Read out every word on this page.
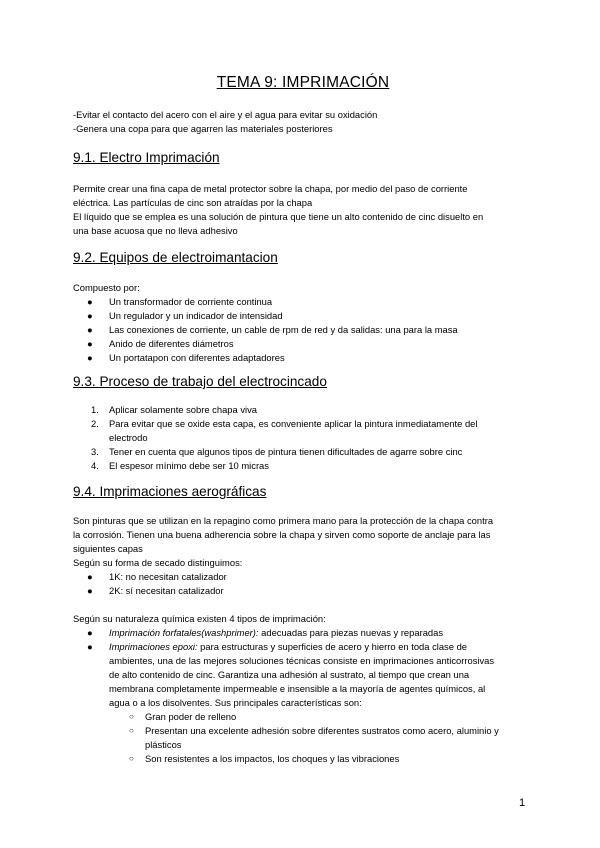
TEMA 9: IMPRIMACIÓN
-Evitar el contacto del acero con el aire y el agua para evitar su oxidación
-Genera una copa para que agarren las materiales posteriores
9.1. Electro Imprimación
Permite crear una fina capa de metal protector sobre la chapa, por medio del paso de corriente
eléctrica. Las partículas de cinc son atraídas por la chapa
El líquido que se emplea es una solución de pintura que tiene un alto contenido de cinc disuelto en
una base acuosa que no lleva adhesivo
9.2. Equipos de electroimantacion
Compuesto por:
●	Un transformador de corriente continua
●	Un regulador y un indicador de intensidad
●	Las conexiones de corriente, un cable de rpm de red y da salidas: una para la masa
●	Anido de diferentes diámetros
●	Un portatapon con diferentes adaptadores
9.3. Proceso de trabajo del electrocincado
1.	Aplicar solamente sobre chapa viva
2.	Para evitar que se oxide esta capa, es conveniente aplicar la pintura inmediatamente del
electrodo
3.	Tener en cuenta que algunos tipos de pintura tienen dificultades de agarre sobre cinc
4.	El espesor mínimo debe ser 10 micras
9.4. Imprimaciones aerográficas
Son pinturas que se utilizan en la repagino como primera mano para la protección de la chapa contra
la corrosión. Tienen una buena adherencia sobre la chapa y sirven como soporte de anclaje para las
siguientes capas
Según su forma de secado distinguimos:
●	1K: no necesitan catalizador
●	2K: sí necesitan catalizador
Según su naturaleza química existen 4 tipos de imprimación:
●	Imprimación forfatales(washprimer): adecuadas para piezas nuevas y reparadas
●	Imprimaciones epoxi: para estructuras y superficies de acero y hierro en toda clase de
ambientes, una de las mejores soluciones técnicas consiste en imprimaciones anticorrosivas
de alto contenido de cinc. Garantiza una adhesión al sustrato, al tiempo que crean una
membrana completamente impermeable e insensible a la mayoría de agentes químicos, al
agua o a los disolventes. Sus principales características son:
○ Gran poder de relleno
○ Presentan una excelente adhesión sobre diferentes sustratos como acero, aluminio y
plásticos
○ Son resistentes a los impactos, los choques y las vibraciones
1
